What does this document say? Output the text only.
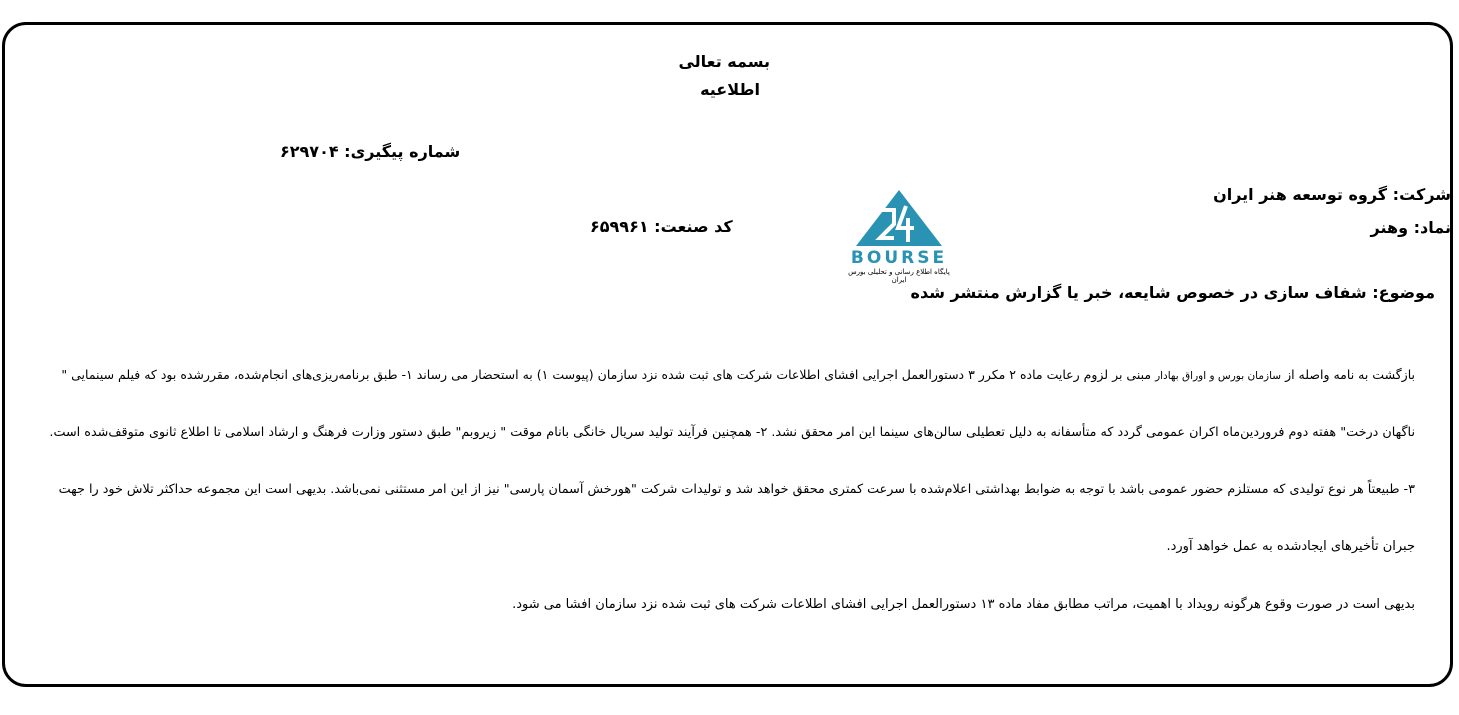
بسمه تعالی
اطلاعیه
شماره پیگیری: ۶۲۹۷۰۴
شرکت: گروه توسعه هنر ایران
نماد: وهنر
کد صنعت: ۶۵۹۹۶۱
BOURSE
پایگاه اطلاع رسانی و تحلیلی بورس ایران
موضوع: شفاف سازی در خصوص شایعه، خبر یا گزارش منتشر شده
بازگشت به نامه واصله از سازمان بورس و اوراق بهادار مبنی بر لزوم رعایت ماده ۲ مکرر ۳ دستورالعمل اجرایی افشای اطلاعات شرکت های ثبت شده نزد سازمان (پیوست ۱) به استحضار می رساند ۱- طبق برنامه‌ریزی‌های انجام‌شده، مقررشده بود که فیلم سینمایی "
ناگهان درخت" هفته دوم فروردین‌ماه اکران عمومی گردد که متأسفانه به دلیل تعطیلی سالن‌های سینما این امر محقق نشد. ۲- همچنین فرآیند تولید سریال خانگی بانام موقت " زیروبم" طبق دستور وزارت فرهنگ و ارشاد اسلامی تا اطلاع ثانوی متوقف‌شده است.
۳- طبیعتاً هر نوع تولیدی که مستلزم حضور عمومی باشد با توجه به ضوابط بهداشتی اعلام‌شده با سرعت کمتری محقق خواهد شد و تولیدات شرکت "هورخش آسمان پارسی" نیز از این امر مستثنی نمی‌باشد. بدیهی است این مجموعه حداکثر تلاش خود را جهت
جبران تأخیرهای ایجادشده به عمل خواهد آورد.
بدیهی است در صورت وقوع هرگونه رویداد با اهمیت، مراتب مطابق مفاد ماده ۱۳ دستورالعمل اجرایی افشای اطلاعات شرکت های ثبت شده نزد سازمان افشا می شود.
